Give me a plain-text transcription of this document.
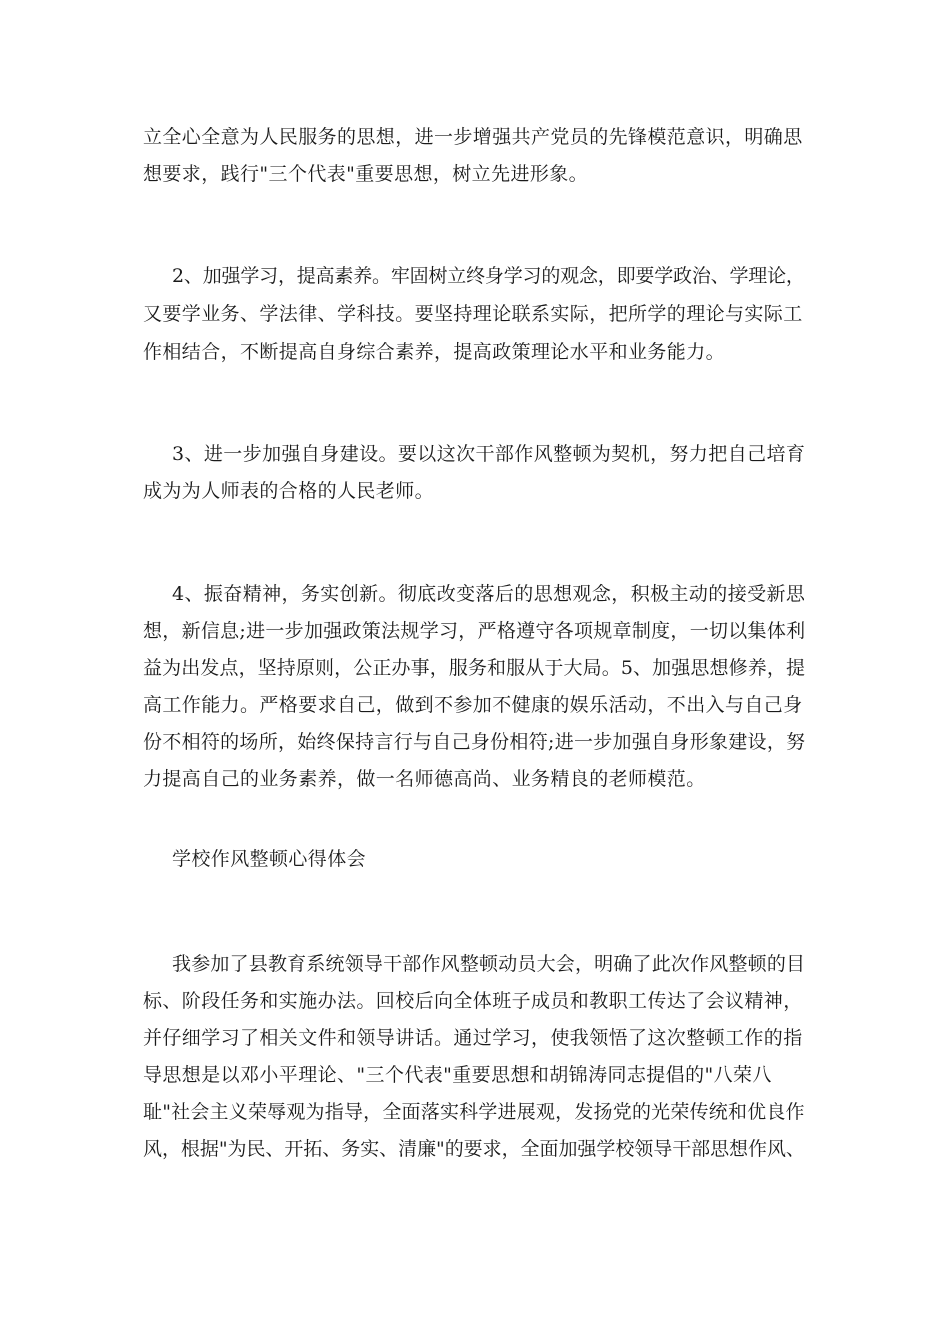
立全心全意为人民服务的思想，进一步增强共产党员的先锋模范意识，明确思
想要求，践行"三个代表"重要思想，树立先进形象。
2、加强学习，提高素养。牢固树立终身学习的观念，即要学政治、学理论，
又要学业务、学法律、学科技。要坚持理论联系实际，把所学的理论与实际工
作相结合，不断提高自身综合素养，提高政策理论水平和业务能力。
3、进一步加强自身建设。要以这次干部作风整顿为契机，努力把自己培育
成为为人师表的合格的人民老师。
4、振奋精神，务实创新。彻底改变落后的思想观念，积极主动的接受新思
想，新信息;进一步加强政策法规学习，严格遵守各项规章制度，一切以集体利
益为出发点，坚持原则，公正办事，服务和服从于大局。5、加强思想修养，提
高工作能力。严格要求自己，做到不参加不健康的娱乐活动，不出入与自己身
份不相符的场所，始终保持言行与自己身份相符;进一步加强自身形象建设，努
力提高自己的业务素养，做一名师德高尚、业务精良的老师模范。
学校作风整顿心得体会
我参加了县教育系统领导干部作风整顿动员大会，明确了此次作风整顿的目
标、阶段任务和实施办法。回校后向全体班子成员和教职工传达了会议精神，
并仔细学习了相关文件和领导讲话。通过学习，使我领悟了这次整顿工作的指
导思想是以邓小平理论、"三个代表"重要思想和胡锦涛同志提倡的"八荣八
耻"社会主义荣辱观为指导，全面落实科学进展观，发扬党的光荣传统和优良作
风，根据"为民、开拓、务实、清廉"的要求，全面加强学校领导干部思想作风、
